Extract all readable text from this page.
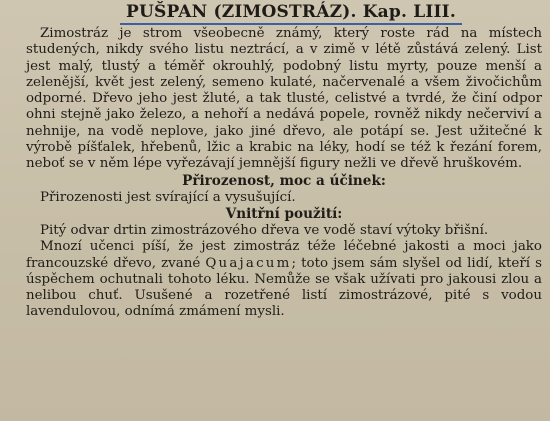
PUŠPAN (ZIMOSTRÁZ). Kap. LIII.

Zimostráz je strom všeobecně známý, který roste rád na místech studených, nikdy svého listu neztrácí, a v zimě v létě zůstává zelený. List jest malý, tlustý a téměř okrouhlý, podobný listu myrty, pouze menší a zelenější, květ jest zelený, semeno kulaté, načervenalé a všem živočichům odporné. Dřevo jeho jest žluté, a tak tlusté, celistvé a tvrdé, že činí odpor ohni stejně jako železo, a nehoří a nedává popele, rovněž nikdy nečerviví a nehnije, na vodě neplove, jako jiné dřevo, ale potápí se. Jest užitečné k výrobě píšťalek, hřebenů, lžic a krabic na léky, hodí se též k řezání forem, neboť se v něm lépe vyřezávají jemnější figury nežli ve dřevě hruškovém.

Přirozenost, moc a účinek:

Přirozenosti jest svírající a vysušující.

Vnitřní použití:

Pitý odvar drtin zimostrázového dřeva ve vodě staví výtoky břišní.

Mnozí učenci píší, že jest zimostráz téže léčebné jakosti a moci jako francouzské dřevo, zvané Quajacum; toto jsem sám slyšel od lidí, kteří s úspěchem ochutnali tohoto léku. Nemůže se však užívati pro jakousi zlou a nelibou chuť. Usušené a rozetřené listí zimostrázové, pité s vodou lavendulovou, odnímá zmámení mysli.
